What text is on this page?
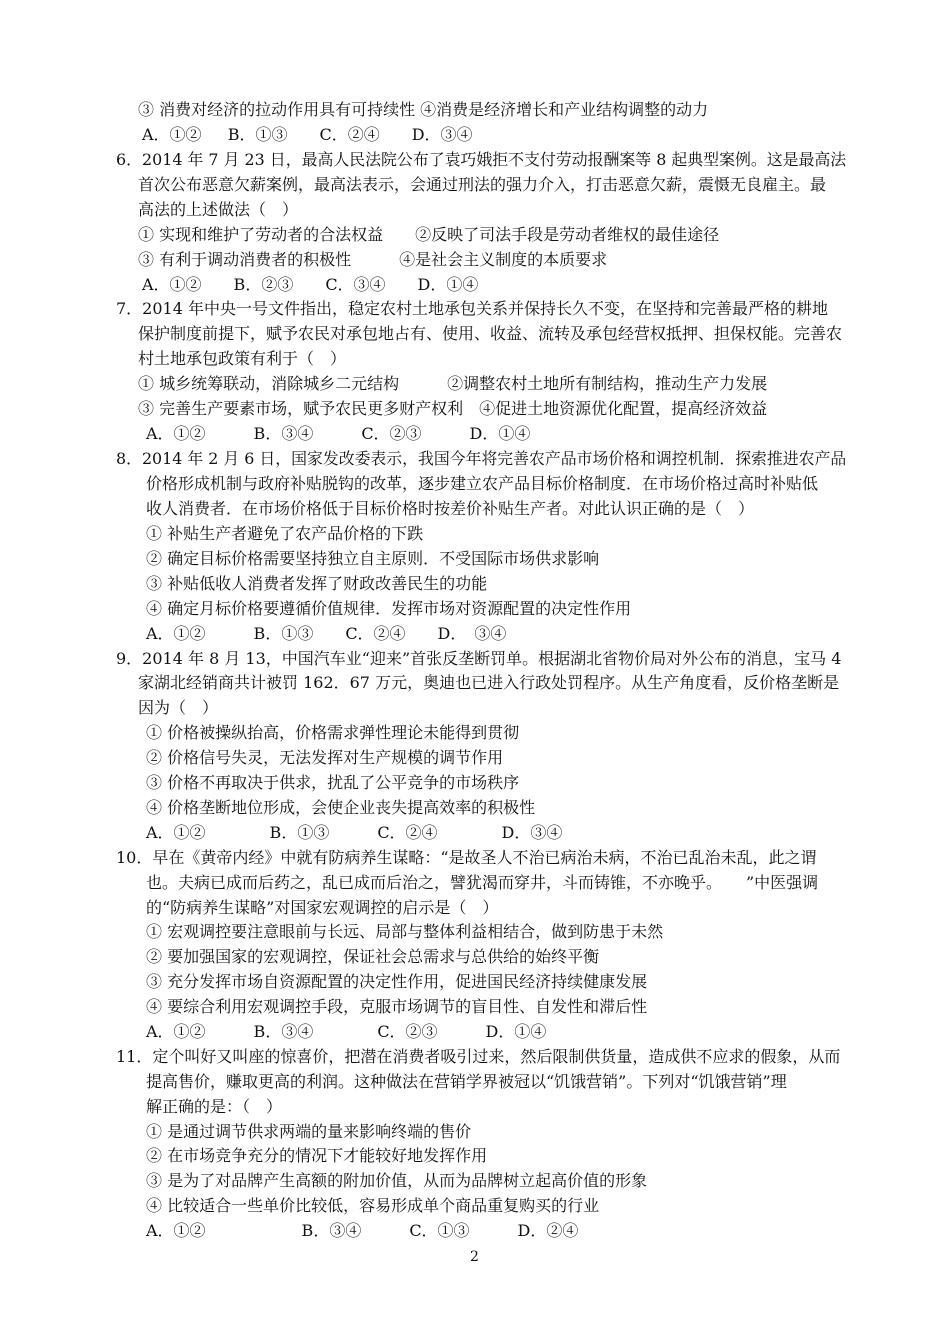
③ 消费对经济的拉动作用具有可持续性 ④消费是经济增长和产业结构调整的动力
A．①②　  B．①③　　C．②④　　D．③④
6．2014 年 7 月 23 日，最高人民法院公布了袁巧娥拒不支付劳动报酬案等 8 起典型案例。这是最高法
首次公布恶意欠薪案例，最高法表示，会通过刑法的强力介入，打击恶意欠薪，震慑无良雇主。最
高法的上述做法（　）
① 实现和维护了劳动者的合法权益　　②反映了司法手段是劳动者维权的最佳途径
③ 有利于调动消费者的积极性　　　④是社会主义制度的本质要求
A．①②　　B．②③　　C．③④　　D．①④
7．2014 年中央一号文件指出，稳定农村土地承包关系并保持长久不变，在坚持和完善最严格的耕地
保护制度前提下，赋予农民对承包地占有、使用、收益、流转及承包经营权抵押、担保权能。完善农
村土地承包政策有利于（　）
① 城乡统筹联动，消除城乡二元结构　　　②调整农村土地所有制结构，推动生产力发展
③ 完善生产要素市场，赋予农民更多财产权利　④促进土地资源优化配置，提高经济效益
A．①②　　　B．③④　　　C．②③　　　D．①④
8．2014 年 2 月 6 日，国家发改委表示，我国今年将完善农产品市场价格和调控机制．探索推进农产品
价格形成机制与政府补贴脱钩的改革，逐步建立农产品目标价格制度．在市场价格过高时补贴低
收人消费者．在市场价格低于目标价格时按差价补贴生产者。对此认识正确的是（　）
① 补贴生产者避免了农产品价格的下跌
② 确定目标价格需要坚持独立自主原则．不受国际市场供求影响
③ 补贴低收人消费者发挥了财政改善民生的功能
④ 确定月标价格要遵循价值规律．发挥市场对资源配置的决定性作用
A．①②　　　B．①③　　C．②④　　D．　③④
9．2014 年 8 月 13，中国汽车业“迎来”首张反垄断罚单。根据湖北省物价局对外公布的消息，宝马 4
家湖北经销商共计被罚 162．67 万元，奥迪也已进入行政处罚程序。从生产角度看，反价格垄断是
因为（　）
① 价格被操纵抬高，价格需求弹性理论未能得到贯彻
② 价格信号失灵，无法发挥对生产规模的调节作用
③ 价格不再取决于供求，扰乱了公平竞争的市场秩序
④ 价格垄断地位形成，会使企业丧失提高效率的积极性
A．①②　　　　B．①③　　　C．②④　　　　D．③④
10．早在《黄帝内经》中就有防病养生谋略：“是故圣人不治已病治未病，不治已乱治未乱，此之谓
也。夫病已成而后药之，乱已成而后治之，譬犹渴而穿井，斗而铸锥，不亦晚乎。　　”中医强调
的“防病养生谋略”对国家宏观调控的启示是（　）
① 宏观调控要注意眼前与长远、局部与整体利益相结合，做到防患于未然
② 要加强国家的宏观调控，保证社会总需求与总供给的始终平衡
③ 充分发挥市场自资源配置的决定性作用，促进国民经济持续健康发展
④ 要综合利用宏观调控手段，克服市场调节的盲目性、自发性和滞后性
A．①②　　　B．③④　　　　C．②③　　　D．①④
11．定个叫好又叫座的惊喜价，把潜在消费者吸引过来，然后限制供货量，造成供不应求的假象，从而
提高售价，赚取更高的利润。这种做法在营销学界被冠以“饥饿营销”。下列对“饥饿营销”理
解正确的是：（　）
① 是通过调节供求两端的量来影响终端的售价
② 在市场竞争充分的情况下才能较好地发挥作用
③ 是为了对品牌产生高额的附加价值，从而为品牌树立起高价值的形象
④ 比较适合一些单价比较低，容易形成单个商品重复购买的行业
A．①②　　　　　　B．③④　　　C．①③　　　D．②④
2
